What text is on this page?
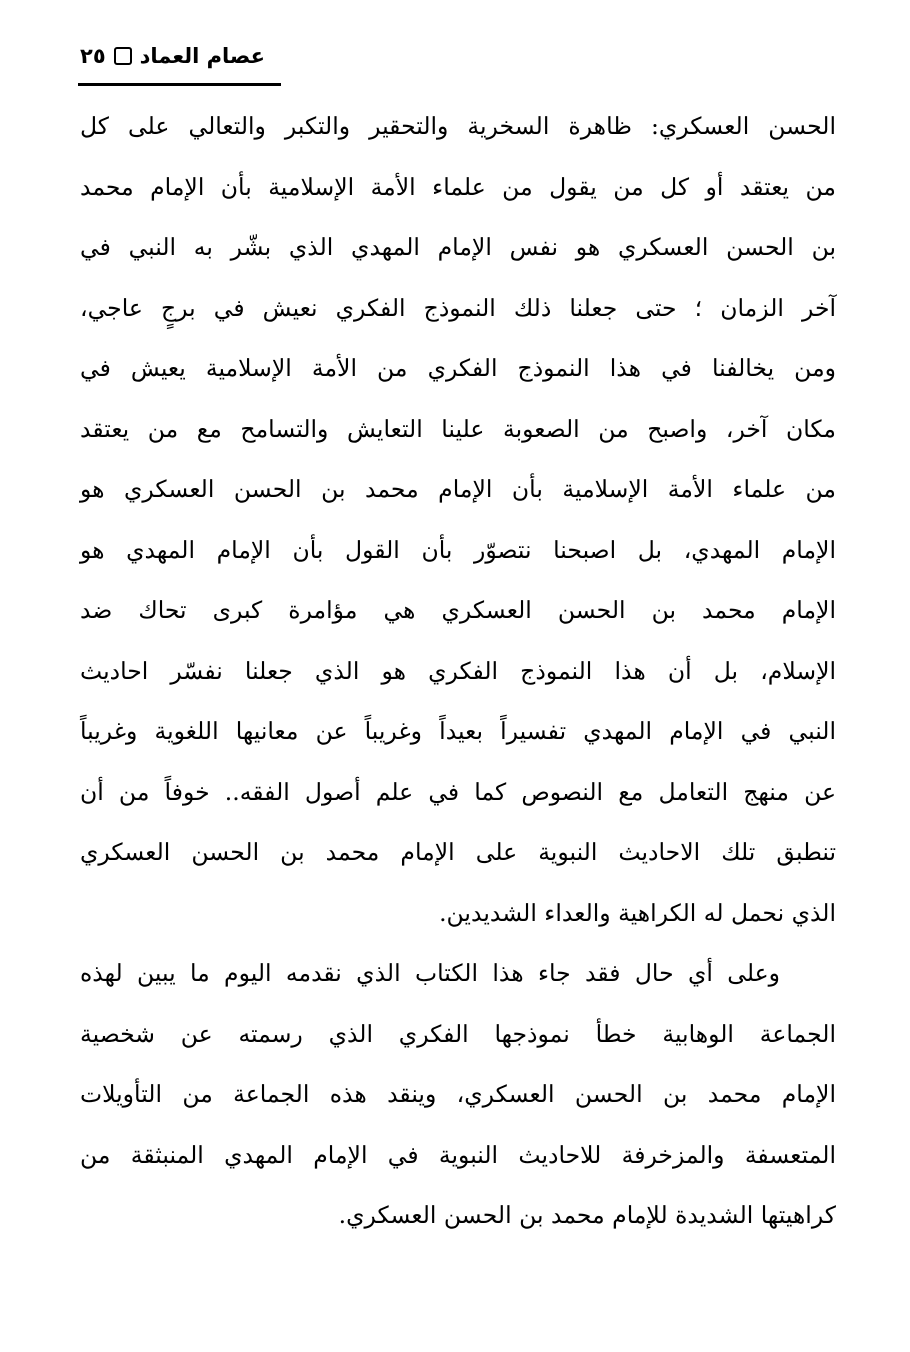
عصام العماد
٢٥
الحسن العسكري: ظاهرة السخرية والتحقير والتكبر والتعالي على كل
من يعتقد أو كل من يقول من علماء الأمة الإسلامية بأن الإمام محمد
بن الحسن العسكري هو نفس الإمام المهدي الذي بشّر به النبي في
آخر الزمان ؛ حتى جعلنا ذلك النموذج الفكري نعيش في برجٍ عاجي،
ومن يخالفنا في هذا النموذج الفكري من الأمة الإسلامية يعيش في
مكان آخر، واصبح من الصعوبة علينا التعايش والتسامح مع من يعتقد
من علماء الأمة الإسلامية بأن الإمام محمد بن الحسن العسكري هو
الإمام المهدي، بل اصبحنا نتصوّر بأن القول بأن الإمام المهدي هو
الإمام محمد بن الحسن العسكري هي مؤامرة كبرى تحاك ضد
الإسلام، بل أن هذا النموذج الفكري هو الذي جعلنا نفسّر احاديث
النبي في الإمام المهدي تفسيراً بعيداً وغريباً عن معانيها اللغوية وغريباً
عن منهج التعامل مع النصوص كما في علم أصول الفقه.. خوفاً من أن
تنطبق تلك الاحاديث النبوية على الإمام محمد بن الحسن العسكري
الذي نحمل له الكراهية والعداء الشديدين.
وعلى أي حال فقد جاء هذا الكتاب الذي نقدمه اليوم ما يبين لهذه
الجماعة الوهابية خطأ نموذجها الفكري الذي رسمته عن شخصية
الإمام محمد بن الحسن العسكري، وينقد هذه الجماعة من التأويلات
المتعسفة والمزخرفة للاحاديث النبوية في الإمام المهدي المنبثقة من
كراهيتها الشديدة للإمام محمد بن الحسن العسكري.
